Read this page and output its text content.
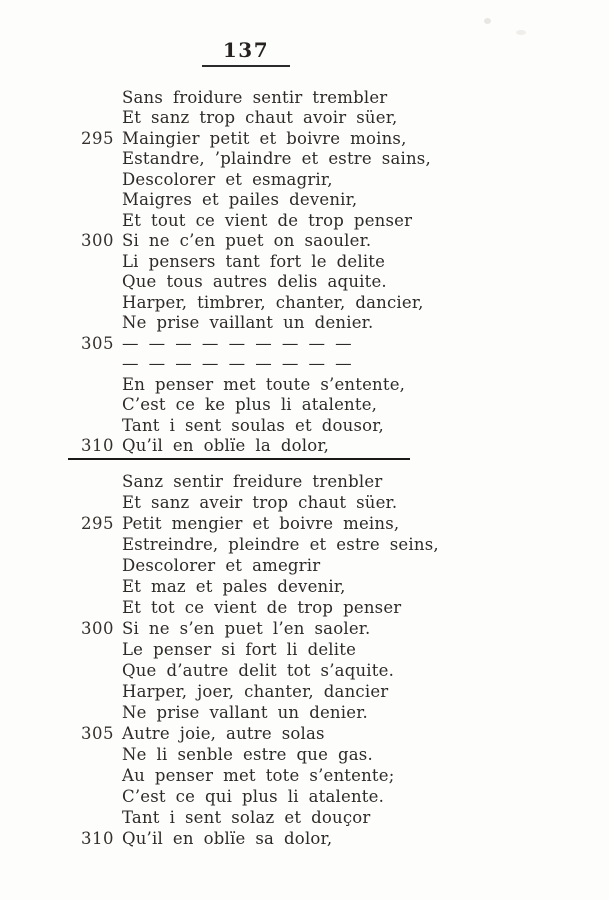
137
Sans froidure sentir trembler
Et sanz trop chaut avoir süer,
295 Maingier petit et boivre moins,
Estandre, ’plaindre et estre sains,
Descolorer et esmagrir,
Maigres et pailes devenir,
Et tout ce vient de trop penser
300 Si ne c’en puet on saouler.
Li pensers tant fort le delite
Que tous autres delis aquite.
Harper, timbrer, chanter, dancier,
Ne prise vaillant un denier.
305 — — — — — — — — —
— — — — — — — — —
En penser met toute s’entente,
C’est ce ke plus li atalente,
Tant i sent soulas et dousor,
310 Qu’il en oblïe la dolor,
Sanz sentir freidure trenbler
Et sanz aveir trop chaut süer.
295 Petit mengier et boivre meins,
Estreindre, pleindre et estre seins,
Descolorer et amegrir
Et maz et pales devenir,
Et tot ce vient de trop penser
300 Si ne s’en puet l’en saoler.
Le penser si fort li delite
Que d’autre delit tot s’aquite.
Harper, joer, chanter, dancier
Ne prise vallant un denier.
305 Autre joie, autre solas
Ne li senble estre que gas.
Au penser met tote s’entente;
C’est ce qui plus li atalente.
Tant i sent solaz et douçor
310 Qu’il en oblïe sa dolor,
